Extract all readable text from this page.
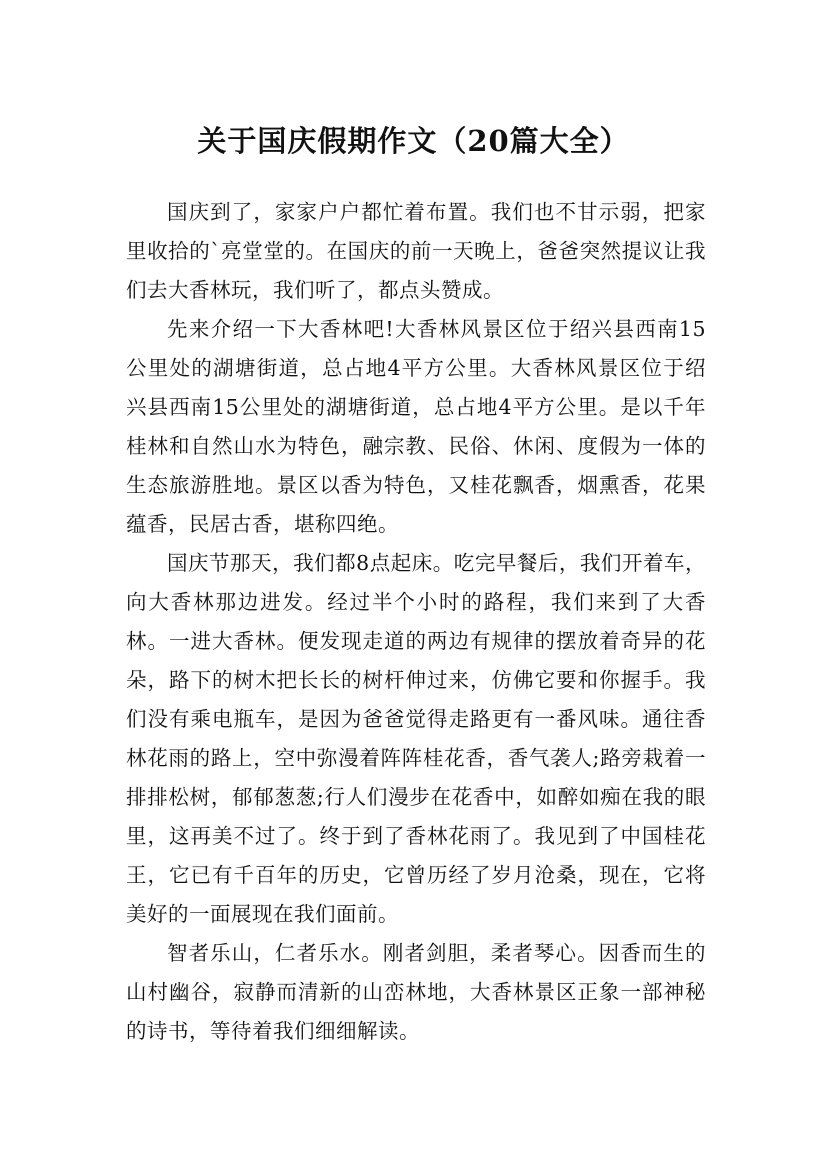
关于国庆假期作文（20篇大全）

国庆到了，家家户户都忙着布置。我们也不甘示弱，把家里收拾的`亮堂堂的。在国庆的前一天晚上，爸爸突然提议让我们去大香林玩，我们听了，都点头赞成。

先来介绍一下大香林吧!大香林风景区位于绍兴县西南15公里处的湖塘街道，总占地4平方公里。大香林风景区位于绍兴县西南15公里处的湖塘街道，总占地4平方公里。是以千年桂林和自然山水为特色，融宗教、民俗、休闲、度假为一体的生态旅游胜地。景区以香为特色，又桂花飘香，烟熏香，花果蕴香，民居古香，堪称四绝。

国庆节那天，我们都8点起床。吃完早餐后，我们开着车，向大香林那边进发。经过半个小时的路程，我们来到了大香林。一进大香林。便发现走道的两边有规律的摆放着奇异的花朵，路下的树木把长长的树杆伸过来，仿佛它要和你握手。我们没有乘电瓶车，是因为爸爸觉得走路更有一番风味。通往香林花雨的路上，空中弥漫着阵阵桂花香，香气袭人;路旁栽着一排排松树，郁郁葱葱;行人们漫步在花香中，如醉如痴在我的眼里，这再美不过了。终于到了香林花雨了。我见到了中国桂花王，它已有千百年的历史，它曾历经了岁月沧桑，现在，它将美好的一面展现在我们面前。

智者乐山，仁者乐水。刚者剑胆，柔者琴心。因香而生的山村幽谷，寂静而清新的山峦林地，大香林景区正象一部神秘的诗书，等待着我们细细解读。
